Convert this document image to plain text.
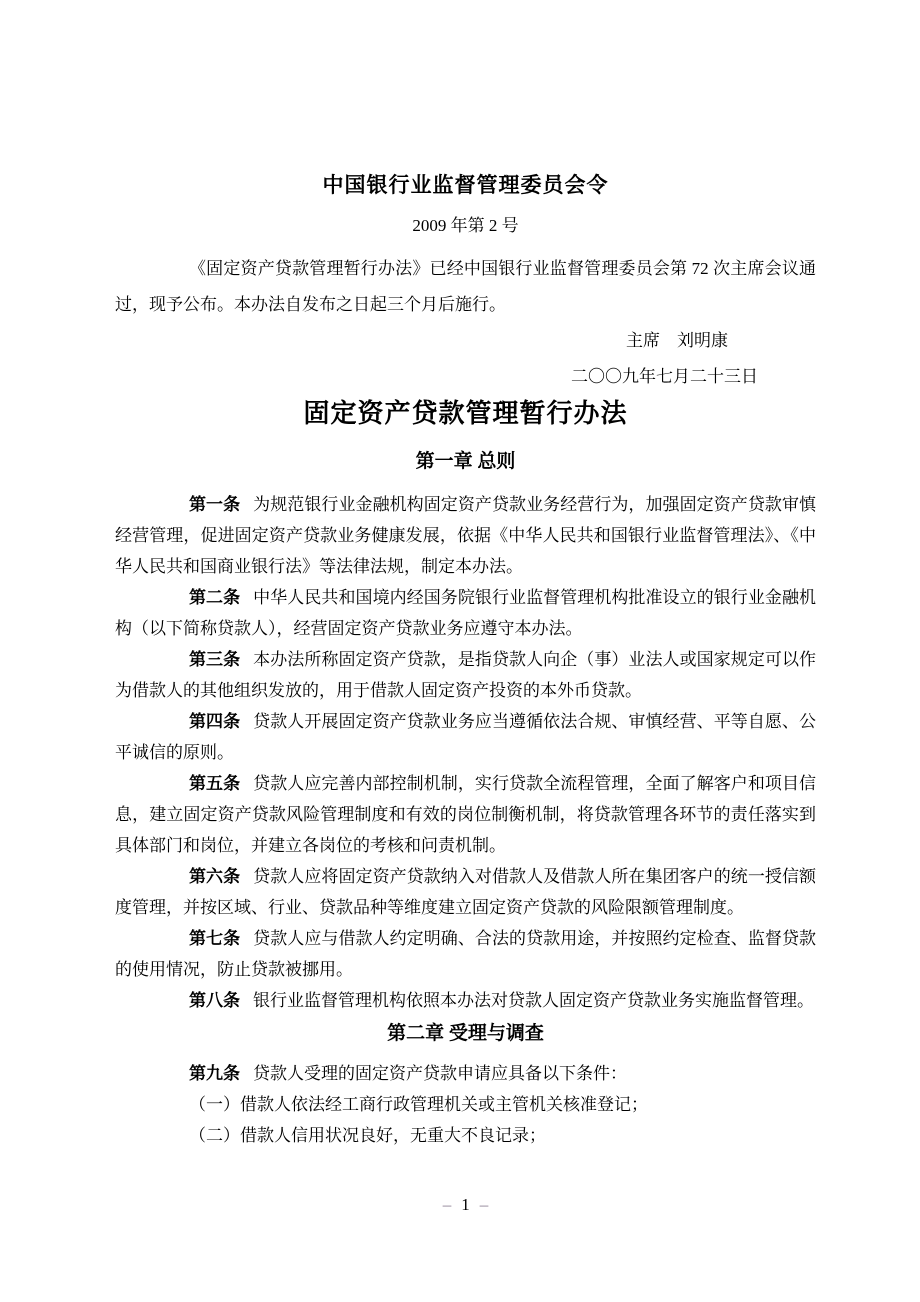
中国银行业监督管理委员会令
2009 年第 2 号

《固定资产贷款管理暂行办法》已经中国银行业监督管理委员会第 72 次主席会议通过，现予公布。本办法自发布之日起三个月后施行。

主席　刘明康
二〇〇九年七月二十三日
固定资产贷款管理暂行办法
第一章 总则

第一条 为规范银行业金融机构固定资产贷款业务经营行为，加强固定资产贷款审慎经营管理，促进固定资产贷款业务健康发展，依据《中华人民共和国银行业监督管理法》、《中华人民共和国商业银行法》等法律法规，制定本办法。

第二条 中华人民共和国境内经国务院银行业监督管理机构批准设立的银行业金融机构（以下简称贷款人），经营固定资产贷款业务应遵守本办法。

第三条 本办法所称固定资产贷款，是指贷款人向企（事）业法人或国家规定可以作为借款人的其他组织发放的，用于借款人固定资产投资的本外币贷款。

第四条 贷款人开展固定资产贷款业务应当遵循依法合规、审慎经营、平等自愿、公平诚信的原则。

第五条 贷款人应完善内部控制机制，实行贷款全流程管理，全面了解客户和项目信息，建立固定资产贷款风险管理制度和有效的岗位制衡机制，将贷款管理各环节的责任落实到具体部门和岗位，并建立各岗位的考核和问责机制。

第六条 贷款人应将固定资产贷款纳入对借款人及借款人所在集团客户的统一授信额度管理，并按区域、行业、贷款品种等维度建立固定资产贷款的风险限额管理制度。

第七条 贷款人应与借款人约定明确、合法的贷款用途，并按照约定检查、监督贷款的使用情况，防止贷款被挪用。

第八条 银行业监督管理机构依照本办法对贷款人固定资产贷款业务实施监督管理。

第二章 受理与调查

第九条 贷款人受理的固定资产贷款申请应具备以下条件：

（一）借款人依法经工商行政管理机关或主管机关核准登记；

（二）借款人信用状况良好，无重大不良记录；

– 1 –
